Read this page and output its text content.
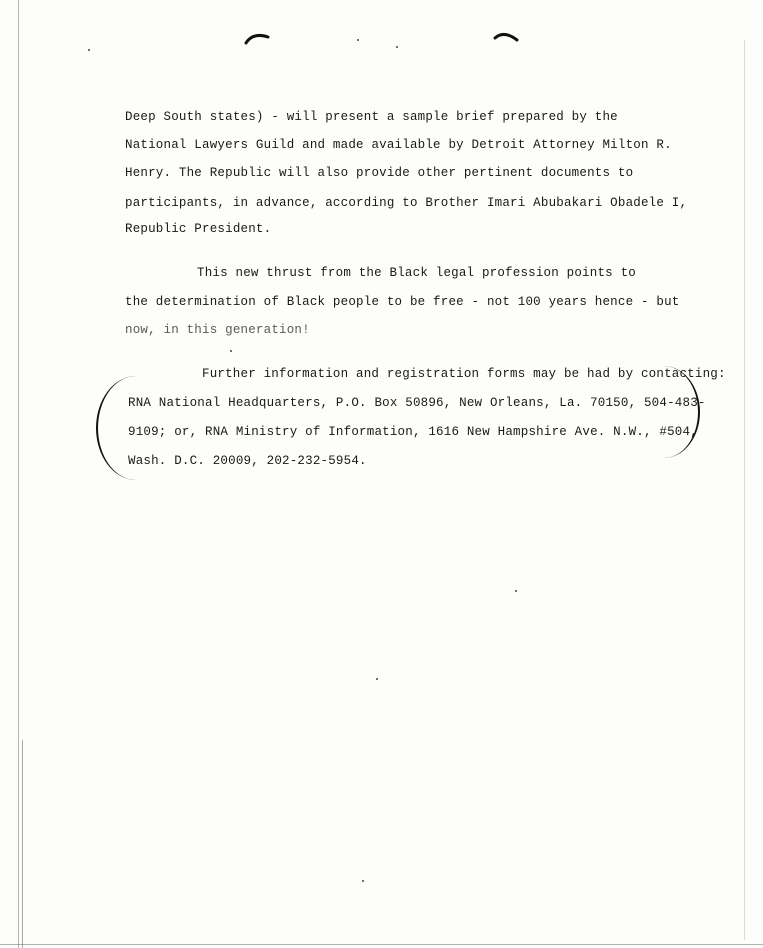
Deep South states) - will present a sample brief prepared by the
National Lawyers Guild and made available by Detroit Attorney Milton R.
Henry. The Republic will also provide other pertinent documents to
participants, in advance, according to Brother Imari Abubakari Obadele I,
Republic President.
This new thrust from the Black legal profession points to
the determination of Black people to be free - not 100 years hence - but
now, in this generation!
Further information and registration forms may be had by contacting:
RNA National Headquarters, P.O. Box 50896, New Orleans, La. 70150, 504-483-
9109; or, RNA Ministry of Information, 1616 New Hampshire Ave. N.W., #504,
Wash. D.C. 20009, 202-232-5954.
